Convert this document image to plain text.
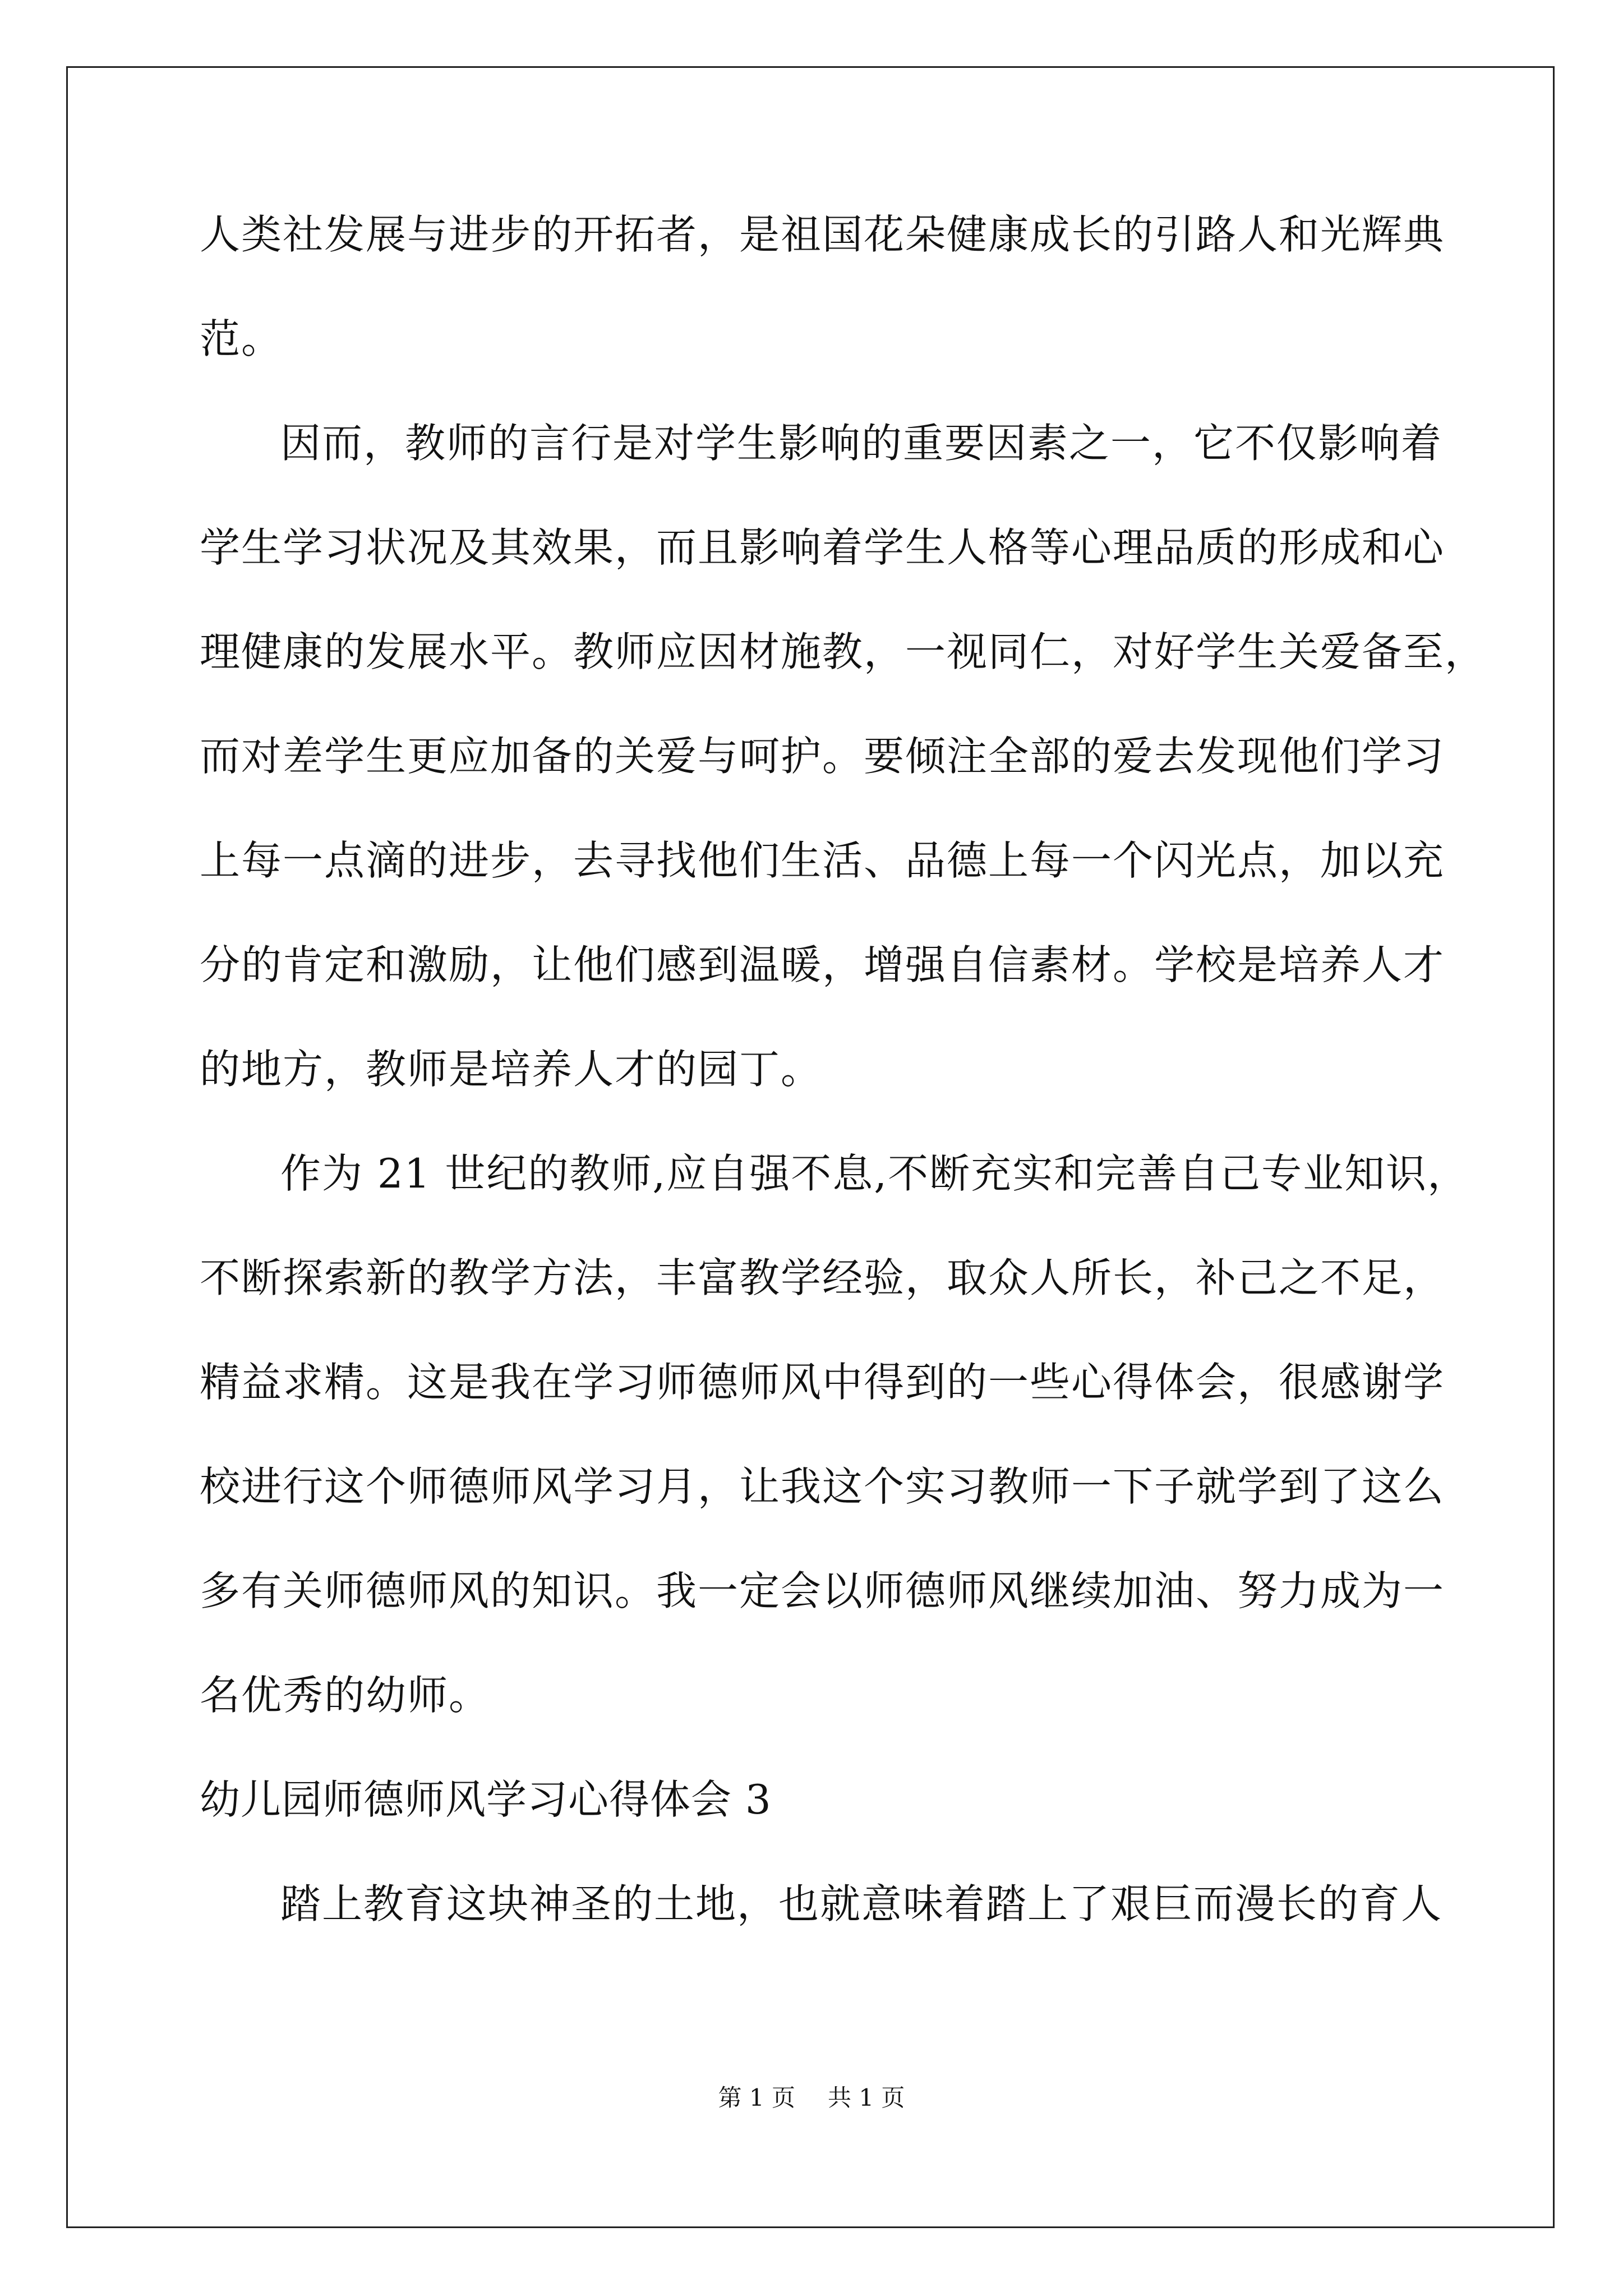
人类社发展与进步的开拓者，是祖国花朵健康成长的引路人和光辉典

范。

因而，教师的言行是对学生影响的重要因素之一，它不仅影响着

学生学习状况及其效果，而且影响着学生人格等心理品质的形成和心

理健康的发展水平。教师应因材施教，一视同仁，对好学生关爱备至，

而对差学生更应加备的关爱与呵护。要倾注全部的爱去发现他们学习

上每一点滴的进步，去寻找他们生活、品德上每一个闪光点，加以充

分的肯定和激励，让他们感到温暖，增强自信素材。学校是培养人才

的地方，教师是培养人才的园丁。

作为 21 世纪的教师,应自强不息,不断充实和完善自己专业知识，

不断探索新的教学方法，丰富教学经验，取众人所长，补己之不足，

精益求精。这是我在学习师德师风中得到的一些心得体会，很感谢学

校进行这个师德师风学习月，让我这个实习教师一下子就学到了这么

多有关师德师风的知识。我一定会以师德师风继续加油、努力成为一

名优秀的幼师。

幼儿园师德师风学习心得体会 3

踏上教育这块神圣的土地，也就意味着踏上了艰巨而漫长的育人

第 1 页 共 1 页
